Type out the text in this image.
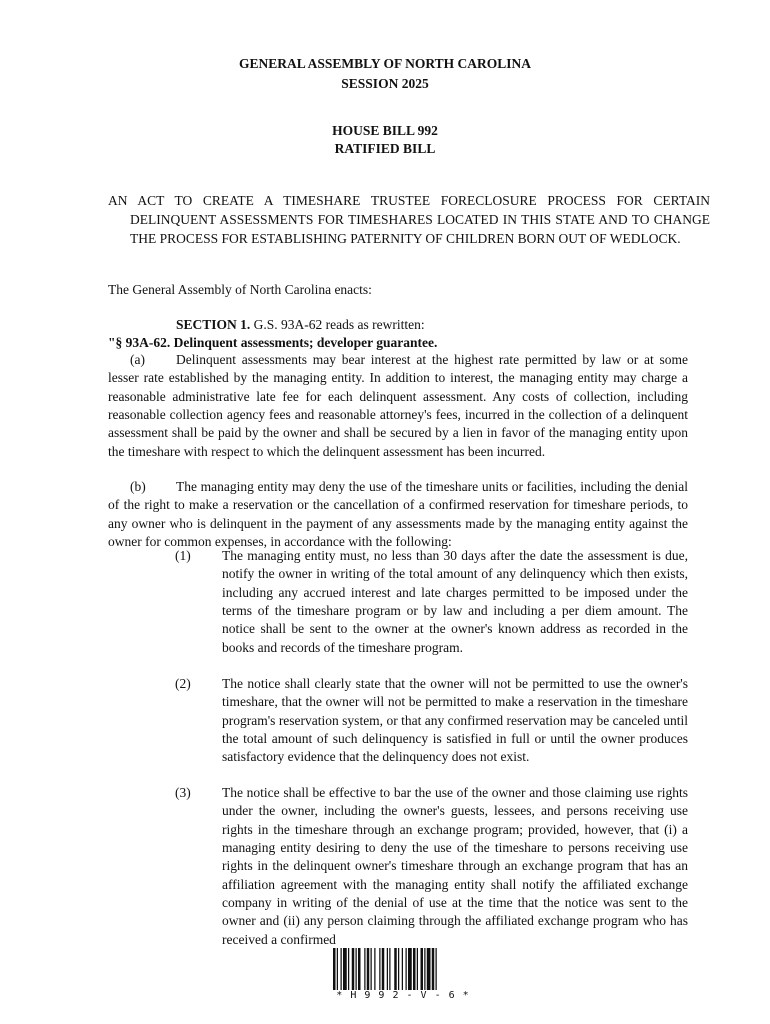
GENERAL ASSEMBLY OF NORTH CAROLINA
SESSION 2025
HOUSE BILL 992
RATIFIED BILL
AN ACT TO CREATE A TIMESHARE TRUSTEE FORECLOSURE PROCESS FOR CERTAIN DELINQUENT ASSESSMENTS FOR TIMESHARES LOCATED IN THIS STATE AND TO CHANGE THE PROCESS FOR ESTABLISHING PATERNITY OF CHILDREN BORN OUT OF WEDLOCK.
The General Assembly of North Carolina enacts:
SECTION 1. G.S. 93A-62 reads as rewritten:
"§ 93A-62. Delinquent assessments; developer guarantee.
(a) Delinquent assessments may bear interest at the highest rate permitted by law or at some lesser rate established by the managing entity. In addition to interest, the managing entity may charge a reasonable administrative late fee for each delinquent assessment. Any costs of collection, including reasonable collection agency fees and reasonable attorney's fees, incurred in the collection of a delinquent assessment shall be paid by the owner and shall be secured by a lien in favor of the managing entity upon the timeshare with respect to which the delinquent assessment has been incurred.
(b) The managing entity may deny the use of the timeshare units or facilities, including the denial of the right to make a reservation or the cancellation of a confirmed reservation for timeshare periods, to any owner who is delinquent in the payment of any assessments made by the managing entity against the owner for common expenses, in accordance with the following:
(1)	The managing entity must, no less than 30 days after the date the assessment is due, notify the owner in writing of the total amount of any delinquency which then exists, including any accrued interest and late charges permitted to be imposed under the terms of the timeshare program or by law and including a per diem amount. The notice shall be sent to the owner at the owner's known address as recorded in the books and records of the timeshare program.
(2)	The notice shall clearly state that the owner will not be permitted to use the owner's timeshare, that the owner will not be permitted to make a reservation in the timeshare program's reservation system, or that any confirmed reservation may be canceled until the total amount of such delinquency is satisfied in full or until the owner produces satisfactory evidence that the delinquency does not exist.
(3)	The notice shall be effective to bar the use of the owner and those claiming use rights under the owner, including the owner's guests, lessees, and persons receiving use rights in the timeshare through an exchange program; provided, however, that (i) a managing entity desiring to deny the use of the timeshare to persons receiving use rights in the delinquent owner's timeshare through an exchange program that has an affiliation agreement with the managing entity shall notify the affiliated exchange company in writing of the denial of use at the time that the notice was sent to the owner and (ii) any person claiming through the affiliated exchange program who has received a confirmed
* H 9 9 2 - V - 6 *
